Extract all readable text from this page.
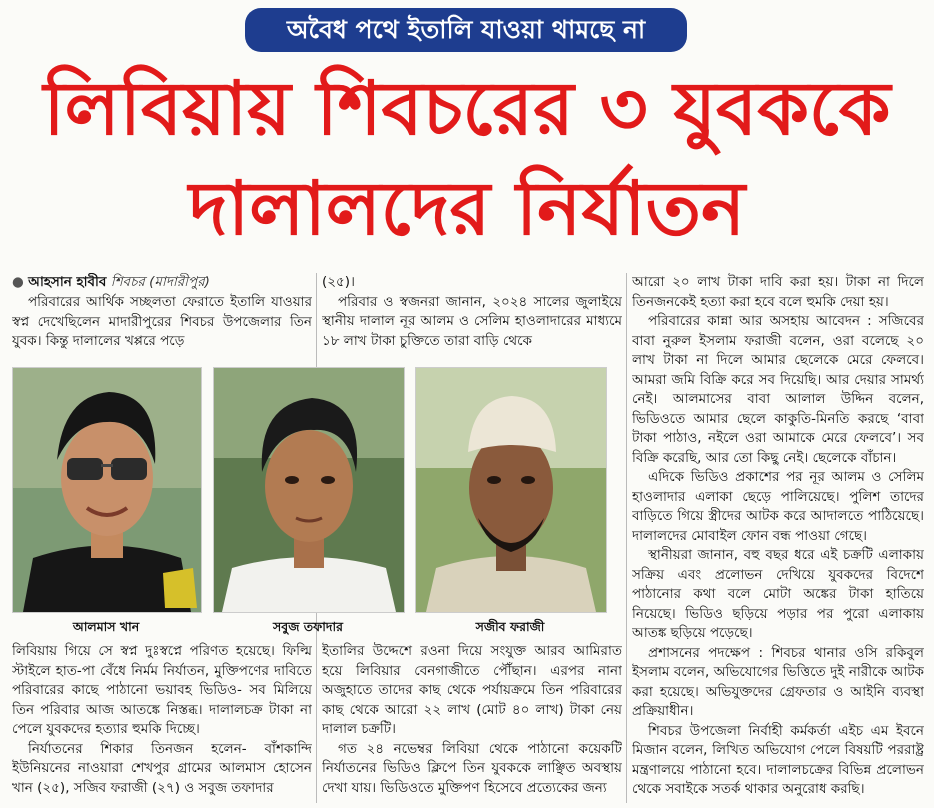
অবৈধ পথে ইতালি যাওয়া থামছে না
লিবিয়ায় শিবচরের ৩ যুবককে
দালালদের নির্যাতন
● আহসান হাবীব শিবচর (মাদারীপুর)

পরিবারের আর্থিক সচ্ছলতা ফেরাতে ইতালি যাওয়ার স্বপ্ন দেখেছিলেন মাদারীপুরের শিবচর উপজেলার তিন যুবক। কিন্তু দালালের খপ্পরে পড়ে

(২৫)।

পরিবার ও স্বজনরা জানান, ২০২৪ সালের জুলাইয়ে স্থানীয় দালাল নূর আলম ও সেলিম হাওলাদারের মাধ্যমে ১৮ লাখ টাকা চুক্তিতে তারা বাড়ি থেকে

আরো ২০ লাখ টাকা দাবি করা হয়। টাকা না দিলে তিনজনকেই হত্যা করা হবে বলে হুমকি দেয়া হয়।

পরিবারের কান্না আর অসহায় আবেদন : সজিবের বাবা নুরুল ইসলাম ফরাজী বলেন, ওরা বলেছে ২০ লাখ টাকা না দিলে আমার ছেলেকে মেরে ফেলবে। আমরা জমি বিক্রি করে সব দিয়েছি। আর দেয়ার সামর্থ্য নেই। আলমাসের বাবা আলাল উদ্দিন বলেন, ভিডিওতে আমার ছেলে কাকুতি-মিনতি করছে ‘বাবা টাকা পাঠাও, নইলে ওরা আমাকে মেরে ফেলবে’। সব বিক্রি করেছি, আর তো কিছু নেই। ছেলেকে বাঁচান।

এদিকে ভিডিও প্রকাশের পর নূর আলম ও সেলিম হাওলাদার এলাকা ছেড়ে পালিয়েছে। পুলিশ তাদের বাড়িতে গিয়ে স্ত্রীদের আটক করে আদালতে পাঠিয়েছে। দালালদের মোবাইল ফোন বন্ধ পাওয়া গেছে।

স্থানীয়রা জানান, বহু বছর ধরে এই চক্রটি এলাকায় সক্রিয় এবং প্রলোভন দেখিয়ে যুবকদের বিদেশে পাঠানোর কথা বলে মোটা অঙ্কের টাকা হাতিয়ে নিয়েছে। ভিডিও ছড়িয়ে পড়ার পর পুরো এলাকায় আতঙ্ক ছড়িয়ে পড়েছে।

প্রশাসনের পদক্ষেপ : শিবচর থানার ওসি রকিবুল ইসলাম বলেন, অভিযোগের ভিত্তিতে দুই নারীকে আটক করা হয়েছে। অভিযুক্তদের গ্রেফতার ও আইনি ব্যবস্থা প্রক্রিয়াধীন।

শিবচর উপজেলা নির্বাহী কর্মকর্তা এইচ এম ইবনে মিজান বলেন, লিখিত অভিযোগ পেলে বিষয়টি পররাষ্ট্র মন্ত্রণালয়ে পাঠানো হবে। দালালচক্রের বিভিন্ন প্রলোভন থেকে সবাইকে সতর্ক থাকার অনুরোধ করছি।

আলমাস খান	সবুজ তফাদার	সজীব ফরাজী

লিবিয়ায় গিয়ে সে স্বপ্ন দুঃস্বপ্নে পরিণত হয়েছে। ফিল্মি স্টাইলে হাত-পা বেঁধে নির্মম নির্যাতন, মুক্তিপণের দাবিতে পরিবারের কাছে পাঠানো ভয়াবহ ভিডিও- সব মিলিয়ে তিন পরিবার আজ আতঙ্কে নিস্তব্ধ। দালালচক্র টাকা না পেলে যুবকদের হত্যার হুমকি দিচ্ছে।

নির্যাতনের শিকার তিনজন হলেন- বাঁশকান্দি ইউনিয়নের নাওয়ারা শেখপুর গ্রামের আলমাস হোসেন খান (২৫), সজিব ফরাজী (২৭) ও সবুজ তফাদার

ইতালির উদ্দেশে রওনা দিয়ে সংযুক্ত আরব আমিরাত হয়ে লিবিয়ার বেনগাজীতে পৌঁছান। এরপর নানা অজুহাতে তাদের কাছ থেকে পর্যায়ক্রমে তিন পরিবারের কাছ থেকে আরো ২২ লাখ (মোট ৪০ লাখ) টাকা নেয় দালাল চক্রটি।

গত ২৪ নভেম্বর লিবিয়া থেকে পাঠানো কয়েকটি নির্যাতনের ভিডিও ক্লিপে তিন যুবককে লাঞ্ছিত অবস্থায় দেখা যায়। ভিডিওতে মুক্তিপণ হিসেবে প্রত্যেকের জন্য
